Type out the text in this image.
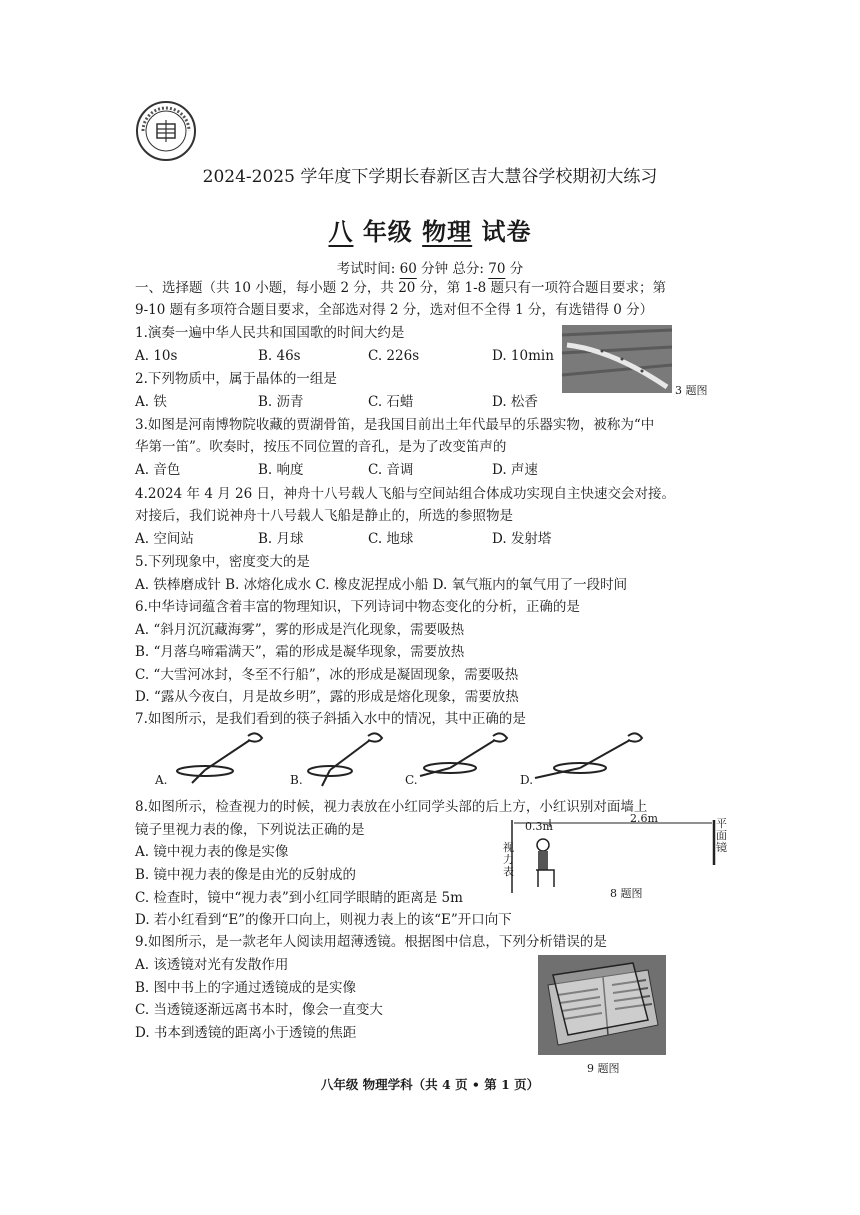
2024-2025 学年度下学期长春新区吉大慧谷学校期初大练习
八 年级 物理 试卷
考试时间: 60 分钟 总分: 70 分
一、选择题（共 10 小题，每小题 2 分，共 20 分，第 1-8 题只有一项符合题目要求；第
9-10 题有多项符合题目要求，全部选对得 2 分，选对但不全得 1 分，有选错得 0 分）
1.演奏一遍中华人民共和国国歌的时间大约是
A. 10s	B. 46s	C. 226s	D. 10min
3 题图
2.下列物质中，属于晶体的一组是
A. 铁	B. 沥青	C. 石蜡	D. 松香
3.如图是河南博物院收藏的贾湖骨笛，是我国目前出土年代最早的乐器实物，被称为“中
华第一笛”。吹奏时，按压不同位置的音孔，是为了改变笛声的
A. 音色	B. 响度	C. 音调	D. 声速
4.2024 年 4 月 26 日，神舟十八号载人飞船与空间站组合体成功实现自主快速交会对接。
对接后，我们说神舟十八号载人飞船是静止的，所选的参照物是
A. 空间站	B. 月球	C. 地球	D. 发射塔
5.下列现象中，密度变大的是
A. 铁棒磨成针 B. 冰熔化成水 C. 橡皮泥捏成小船 D. 氧气瓶内的氧气用了一段时间
6.中华诗词蕴含着丰富的物理知识，下列诗词中物态变化的分析，正确的是
A. “斜月沉沉藏海雾”，雾的形成是汽化现象，需要吸热
B. “月落乌啼霜满天”，霜的形成是凝华现象，需要放热
C. “大雪河冰封，冬至不行船”，冰的形成是凝固现象，需要吸热
D. “露从今夜白，月是故乡明”，露的形成是熔化现象，需要放热
7.如图所示，是我们看到的筷子斜插入水中的情况，其中正确的是
A.	B.	C.	D.
8.如图所示，检查视力的时候，视力表放在小红同学头部的后上方，小红识别对面墙上
镜子里视力表的像，下列说法正确的是
A. 镜中视力表的像是实像
B. 镜中视力表的像是由光的反射成的
C. 检查时，镜中“视力表”到小红同学眼睛的距离是 5m
D. 若小红看到“E”的像开口向上，则视力表上的该“E”开口向下
0.3m
2.6m
视力表
平面镜
8 题图
9.如图所示，是一款老年人阅读用超薄透镜。根据图中信息，下列分析错误的是
A. 该透镜对光有发散作用
B. 图中书上的字通过透镜成的是实像
C. 当透镜逐渐远离书本时，像会一直变大
D. 书本到透镜的距离小于透镜的焦距
9 题图
八年级 物理学科（共 4 页 • 第 1 页）
